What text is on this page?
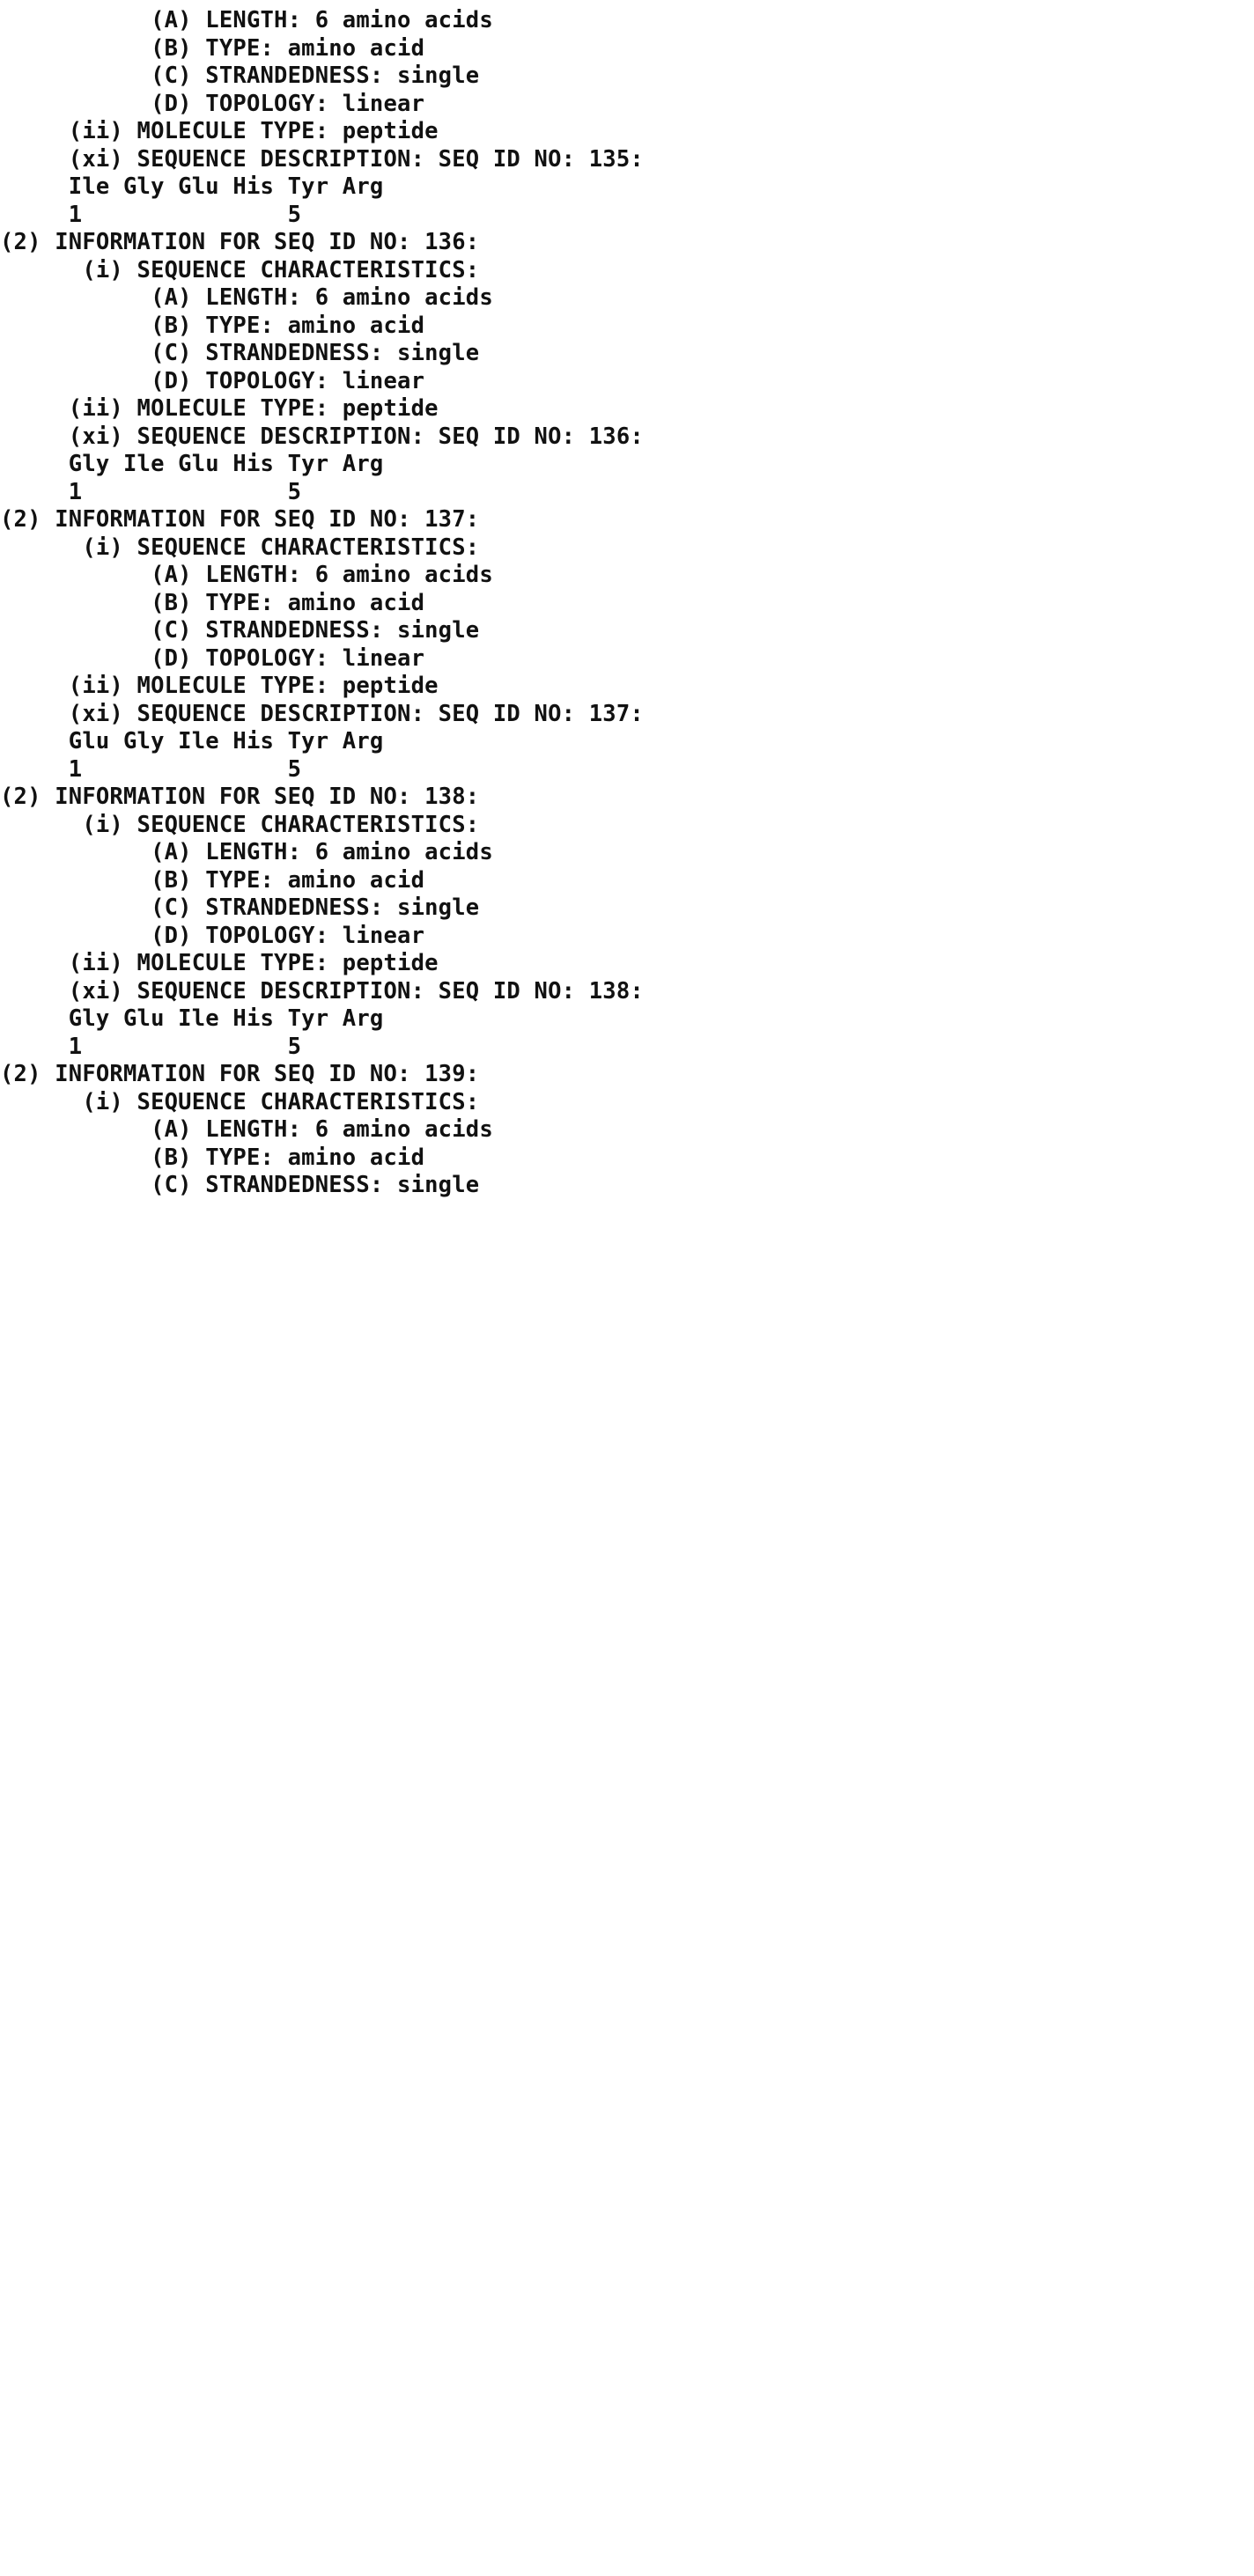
(A) LENGTH: 6 amino acids
(B) TYPE: amino acid
(C) STRANDEDNESS: single
(D) TOPOLOGY: linear
(ii) MOLECULE TYPE: peptide
(xi) SEQUENCE DESCRIPTION: SEQ ID NO: 135:
Ile Gly Glu His Tyr Arg
1               5
(2) INFORMATION FOR SEQ ID NO: 136:
(i) SEQUENCE CHARACTERISTICS:
(A) LENGTH: 6 amino acids
(B) TYPE: amino acid
(C) STRANDEDNESS: single
(D) TOPOLOGY: linear
(ii) MOLECULE TYPE: peptide
(xi) SEQUENCE DESCRIPTION: SEQ ID NO: 136:
Gly Ile Glu His Tyr Arg
1               5
(2) INFORMATION FOR SEQ ID NO: 137:
(i) SEQUENCE CHARACTERISTICS:
(A) LENGTH: 6 amino acids
(B) TYPE: amino acid
(C) STRANDEDNESS: single
(D) TOPOLOGY: linear
(ii) MOLECULE TYPE: peptide
(xi) SEQUENCE DESCRIPTION: SEQ ID NO: 137:
Glu Gly Ile His Tyr Arg
1               5
(2) INFORMATION FOR SEQ ID NO: 138:
(i) SEQUENCE CHARACTERISTICS:
(A) LENGTH: 6 amino acids
(B) TYPE: amino acid
(C) STRANDEDNESS: single
(D) TOPOLOGY: linear
(ii) MOLECULE TYPE: peptide
(xi) SEQUENCE DESCRIPTION: SEQ ID NO: 138:
Gly Glu Ile His Tyr Arg
1               5
(2) INFORMATION FOR SEQ ID NO: 139:
(i) SEQUENCE CHARACTERISTICS:
(A) LENGTH: 6 amino acids
(B) TYPE: amino acid
(C) STRANDEDNESS: single
